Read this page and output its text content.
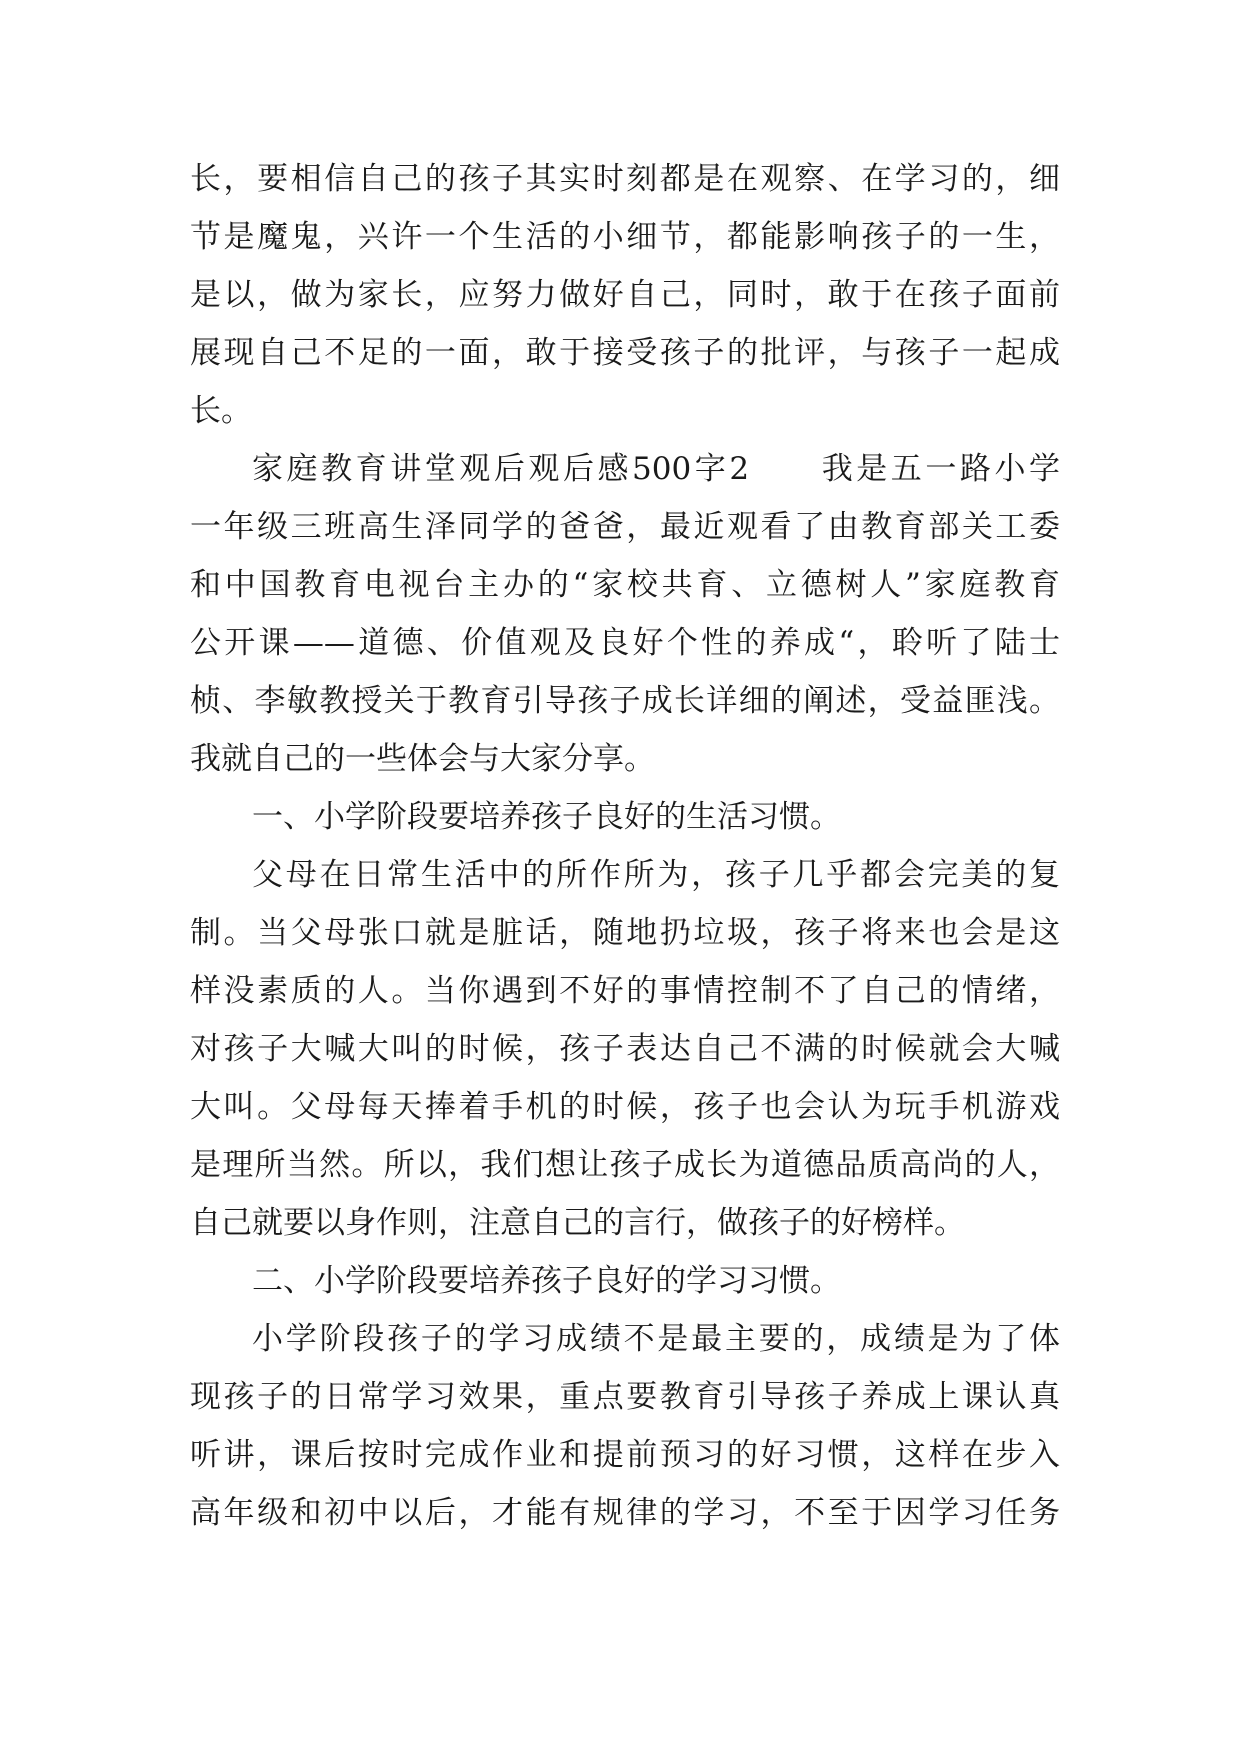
长，要相信自己的孩子其实时刻都是在观察、在学习的，细
节是魔鬼，兴许一个生活的小细节，都能影响孩子的一生，
是以，做为家长，应努力做好自己，同时，敢于在孩子面前
展现自己不足的一面，敢于接受孩子的批评，与孩子一起成
长。
家庭教育讲堂观后观后感500字2　　我是五一路小学
一年级三班高生泽同学的爸爸，最近观看了由教育部关工委
和中国教育电视台主办的“家校共育、立德树人”家庭教育
公开课——道德、价值观及良好个性的养成“，聆听了陆士
桢、李敏教授关于教育引导孩子成长详细的阐述，受益匪浅。
我就自己的一些体会与大家分享。
一、小学阶段要培养孩子良好的生活习惯。
父母在日常生活中的所作所为，孩子几乎都会完美的复
制。当父母张口就是脏话，随地扔垃圾，孩子将来也会是这
样没素质的人。当你遇到不好的事情控制不了自己的情绪，
对孩子大喊大叫的时候，孩子表达自己不满的时候就会大喊
大叫。父母每天捧着手机的时候，孩子也会认为玩手机游戏
是理所当然。所以，我们想让孩子成长为道德品质高尚的人，
自己就要以身作则，注意自己的言行，做孩子的好榜样。
二、小学阶段要培养孩子良好的学习习惯。
小学阶段孩子的学习成绩不是最主要的，成绩是为了体
现孩子的日常学习效果，重点要教育引导孩子养成上课认真
听讲，课后按时完成作业和提前预习的好习惯，这样在步入
高年级和初中以后，才能有规律的学习，不至于因学习任务
